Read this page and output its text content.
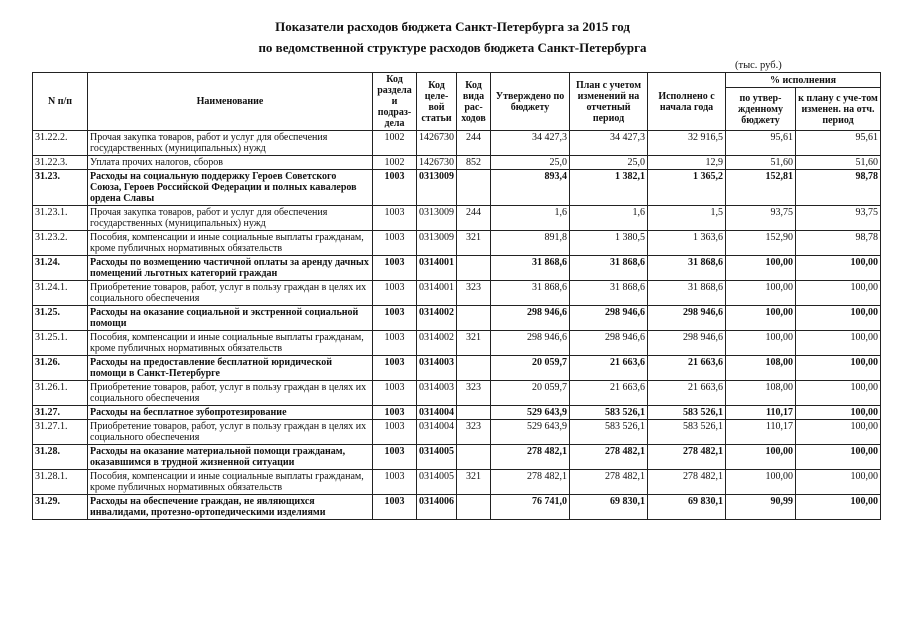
Показатели расходов бюджета Санкт-Петербурга за 2015 год
по ведомственной структуре расходов бюджета Санкт-Петербурга
(тыс. руб.)
N п/п	Наименование	Код раздела и подраз-дела	Код целе-вой статьи	Код вида рас-ходов	Утверждено по бюджету	План с учетом изменений на отчетный период	Исполнено с начала года	% исполнения	
								по утвер-жденному бюджету	к плану с уче-том изменен. на отч. период
31.22.2.	Прочая закупка товаров, работ и услуг для обеспечения государственных (муниципальных) нужд	1002	1426730	244	34 427,3	34 427,3	32 916,5	95,61	95,61
31.22.3.	Уплата прочих налогов, сборов	1002	1426730	852	25,0	25,0	12,9	51,60	51,60
31.23.	Расходы на социальную поддержку Героев Советского Союза, Героев Российской Федерации и полных кавалеров ордена Славы	1003	0313009		893,4	1 382,1	1 365,2	152,81	98,78
31.23.1.	Прочая закупка товаров, работ и услуг для обеспечения государственных (муниципальных) нужд	1003	0313009	244	1,6	1,6	1,5	93,75	93,75
31.23.2.	Пособия, компенсации и иные социальные выплаты гражданам, кроме публичных нормативных обязательств	1003	0313009	321	891,8	1 380,5	1 363,6	152,90	98,78
31.24.	Расходы по возмещению частичной оплаты за аренду дачных помещений льготных категорий граждан	1003	0314001		31 868,6	31 868,6	31 868,6	100,00	100,00
31.24.1.	Приобретение товаров, работ, услуг в пользу граждан в целях их социального обеспечения	1003	0314001	323	31 868,6	31 868,6	31 868,6	100,00	100,00
31.25.	Расходы на оказание социальной и экстренной социальной помощи	1003	0314002		298 946,6	298 946,6	298 946,6	100,00	100,00
31.25.1.	Пособия, компенсации и иные социальные выплаты гражданам, кроме публичных нормативных обязательств	1003	0314002	321	298 946,6	298 946,6	298 946,6	100,00	100,00
31.26.	Расходы на предоставление бесплатной юридической помощи в Санкт-Петербурге	1003	0314003		20 059,7	21 663,6	21 663,6	108,00	100,00
31.26.1.	Приобретение товаров, работ, услуг в пользу граждан в целях их социального обеспечения	1003	0314003	323	20 059,7	21 663,6	21 663,6	108,00	100,00
31.27.	Расходы на бесплатное зубопротезирование	1003	0314004		529 643,9	583 526,1	583 526,1	110,17	100,00
31.27.1.	Приобретение товаров, работ, услуг в пользу граждан в целях их социального обеспечения	1003	0314004	323	529 643,9	583 526,1	583 526,1	110,17	100,00
31.28.	Расходы на оказание материальной помощи гражданам, оказавшимся в трудной жизненной ситуации	1003	0314005		278 482,1	278 482,1	278 482,1	100,00	100,00
31.28.1.	Пособия, компенсации и иные социальные выплаты гражданам, кроме публичных нормативных обязательств	1003	0314005	321	278 482,1	278 482,1	278 482,1	100,00	100,00
31.29.	Расходы на обеспечение граждан, не являющихся инвалидами, протезно-ортопедическими изделиями	1003	0314006		76 741,0	69 830,1	69 830,1	90,99	100,00
